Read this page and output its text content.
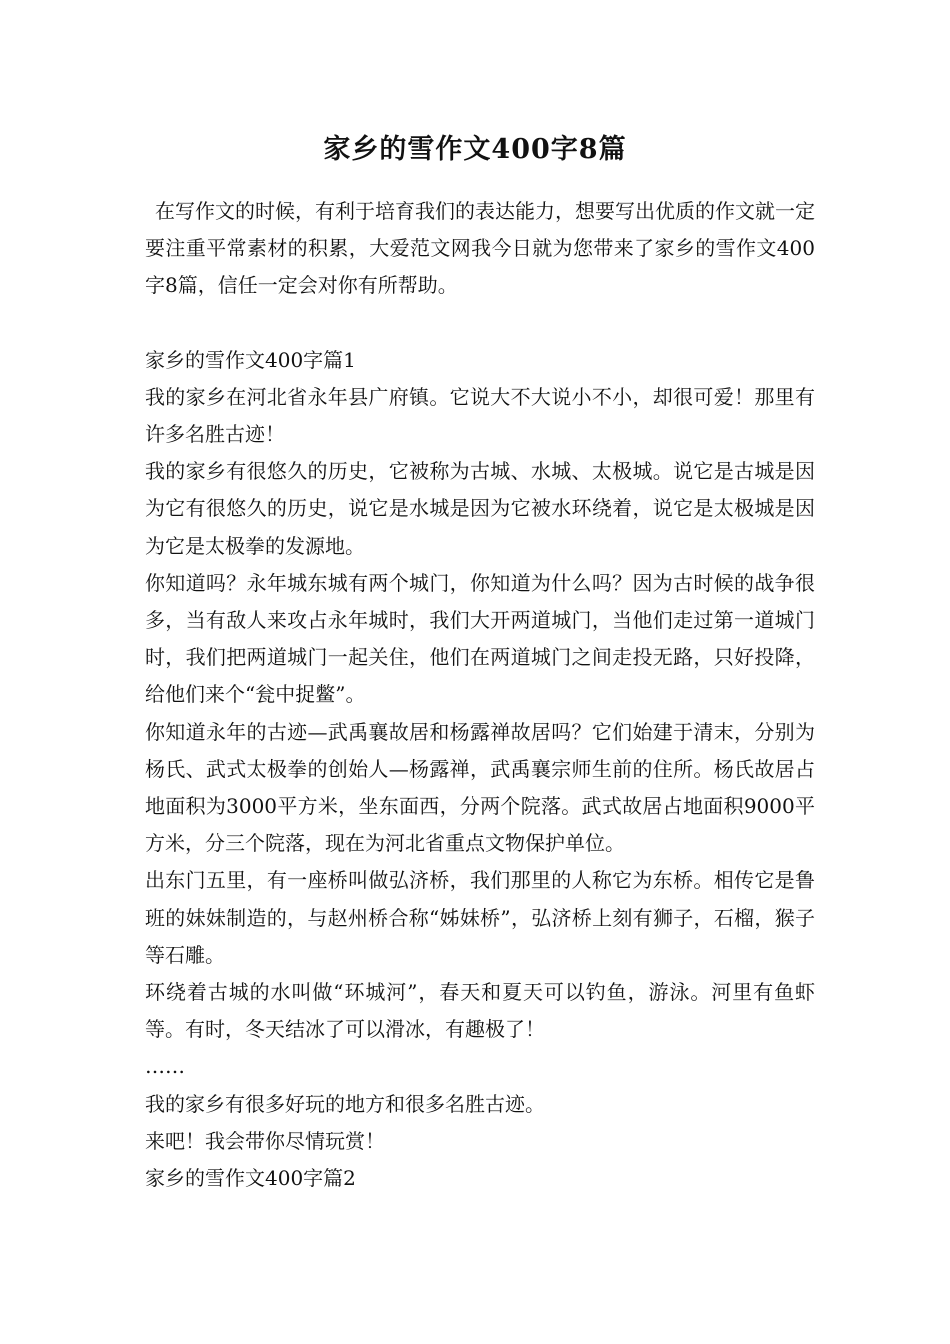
家乡的雪作文400字8篇

在写作文的时候，有利于培育我们的表达能力，想要写出优质的作文就一定要注重平常素材的积累，大爱范文网我今日就为您带来了家乡的雪作文400字8篇，信任一定会对你有所帮助。

家乡的雪作文400字篇1

我的家乡在河北省永年县广府镇。它说大不大说小不小，却很可爱！那里有许多名胜古迹！

我的家乡有很悠久的历史，它被称为古城、水城、太极城。说它是古城是因为它有很悠久的历史，说它是水城是因为它被水环绕着，说它是太极城是因为它是太极拳的发源地。

你知道吗？永年城东城有两个城门，你知道为什么吗？因为古时候的战争很多，当有敌人来攻占永年城时，我们大开两道城门，当他们走过第一道城门时，我们把两道城门一起关住，他们在两道城门之间走投无路，只好投降，给他们来个“瓮中捉鳖”。

你知道永年的古迹—武禹襄故居和杨露禅故居吗？它们始建于清末，分别为杨氏、武式太极拳的创始人—杨露禅，武禹襄宗师生前的住所。杨氏故居占地面积为3000平方米，坐东面西，分两个院落。武式故居占地面积9000平方米，分三个院落，现在为河北省重点文物保护单位。

出东门五里，有一座桥叫做弘济桥，我们那里的人称它为东桥。相传它是鲁班的妹妹制造的，与赵州桥合称“姊妹桥”，弘济桥上刻有狮子，石榴，猴子等石雕。

环绕着古城的水叫做“环城河”，春天和夏天可以钓鱼，游泳。河里有鱼虾等。有时，冬天结冰了可以滑冰，有趣极了！

……

我的家乡有很多好玩的地方和很多名胜古迹。

来吧！我会带你尽情玩赏！

家乡的雪作文400字篇2
